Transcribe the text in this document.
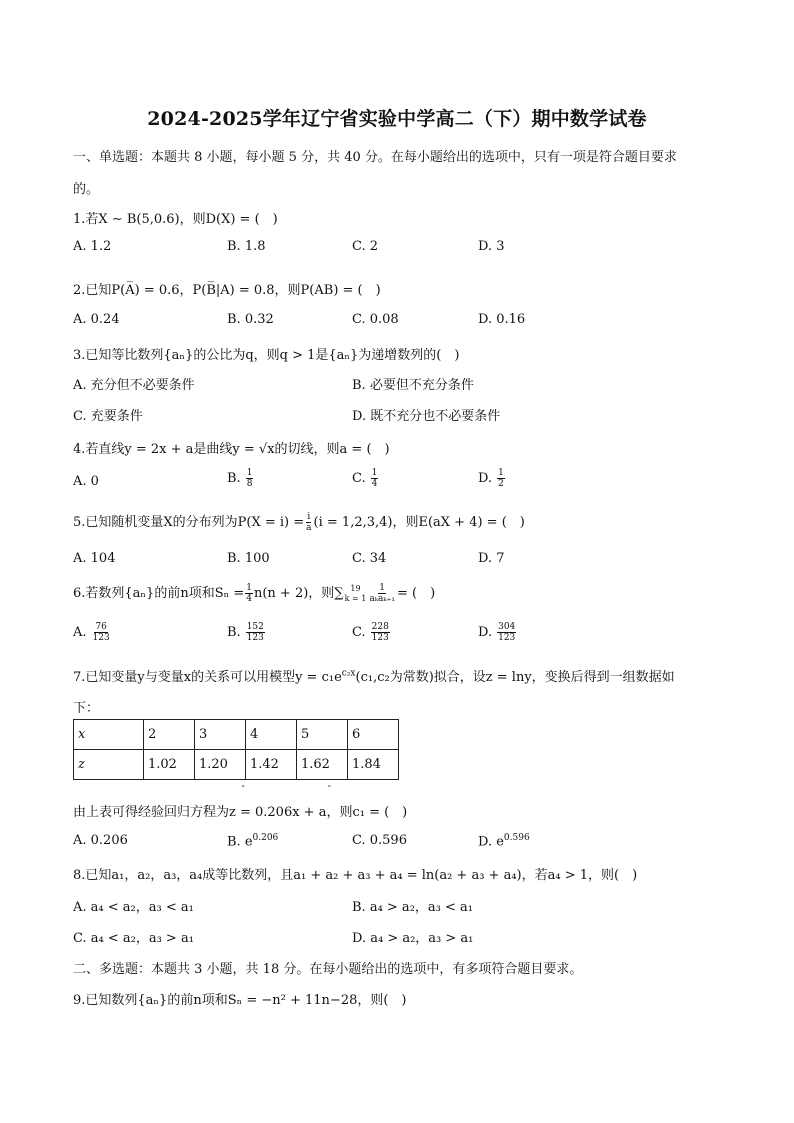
2024-2025学年辽宁省实验中学高二（下）期中数学试卷
一、单选题：本题共 8 小题，每小题 5 分，共 40 分。在每小题给出的选项中，只有一项是符合题目要求
的。
1.若X ∼ B(5,0.6)，则D(X) = (　)
A. 1.2	B. 1.8	C. 2	D. 3
2.已知P(A̅) = 0.6，P(B̅|A) = 0.8，则P(AB) = (　)
A. 0.24	B. 0.32	C. 0.08	D. 0.16
3.已知等比数列{aₙ}的公比为q，则q > 1是{aₙ}为递增数列的(　)
A. 充分但不必要条件	B. 必要但不充分条件
C. 充要条件	D. 既不充分也不必要条件
4.若直线y = 2x + a是曲线y = √x的切线，则a = (　)
A. 0	B. $\frac{1}{8}$	C. $\frac{1}{4}$	D. $\frac{1}{2}$
5.已知随机变量X的分布列为$P(X = i) = \frac{i}{a} (i = 1,2,3,4)$，则E(aX + 4) = (　)
A. 104	B. 100	C. 34	D. 7
6.若数列{aₙ}的前n项和$S_n = \frac{1}{4} n(n + 2)$，则∑ 19
$k = 1 \frac{1}{\text{aₖaₖ₊₁}}$ = (　)
A. $\frac{76}{123}$	B. $\frac{152}{123}$	C. $\frac{228}{123}$	D. $\frac{304}{123}$
7.已知变量y与变量x的关系可以用模型$y = c_1e^{c_2x}(c_1,c_2$为常数)拟合，设z = lny，变换后得到一组数据如
下：
x	2	3	4	5	6
z	1.02	1.20	1.42	1.62	1.84
ˆ	ˆ
由上表可得经验回归方程为z = 0.206x + a，则c₁ = (　)
A. 0.206	B. $e^{0.206}$	C. 0.596	D. $e^{0.596}$
8.已知a₁，a₂，a₃，a₄成等比数列，且a₁ + a₂ + a₃ + a₄ = ln(a₂ + a₃ + a₄)，若a₄ > 1，则(　)
A. a₄ < a₂，a₃ < a₁	B. a₄ > a₂，a₃ < a₁
C. a₄ < a₂，a₃ > a₁	D. a₄ > a₂，a₃ > a₁
二、多选题：本题共 3 小题，共 18 分。在每小题给出的选项中，有多项符合题目要求。
9.已知数列{aₙ}的前n项和Sₙ = −n² + 11n−28，则(　)
